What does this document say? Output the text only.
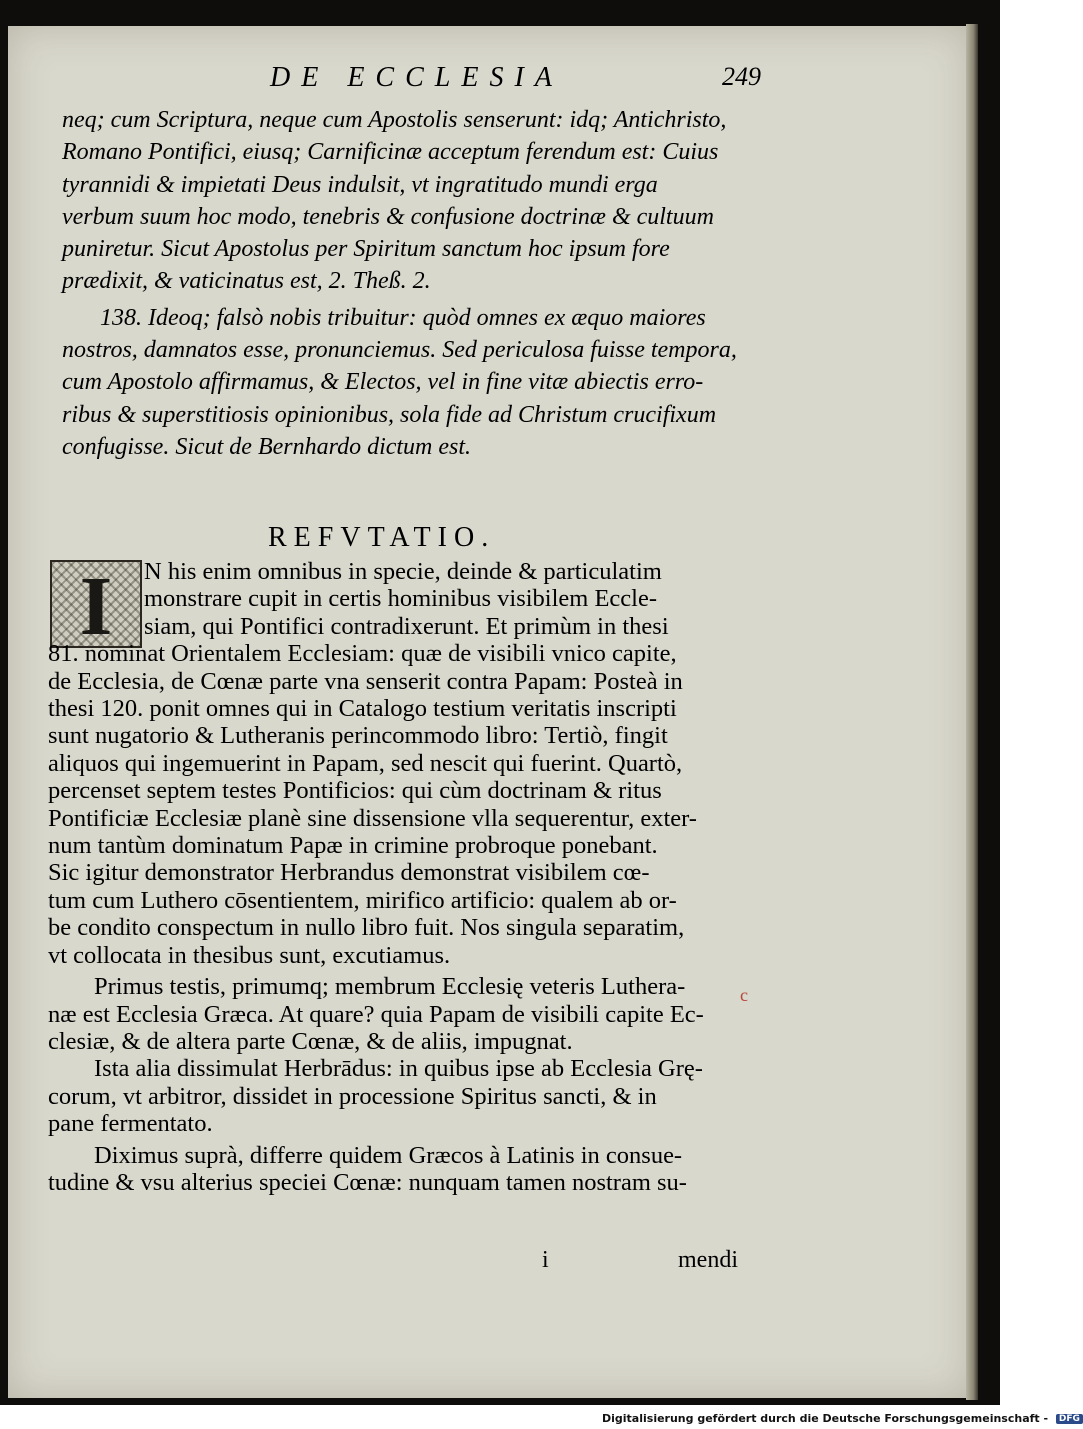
DE ECCLESIA	249

neq; cum Scriptura, neque cum Apostolis senserunt: idq; Antichristo,
Romano Pontifici, eiusq; Carnificinæ acceptum ferendum est: Cuius
tyrannidi & impietati Deus indulsit, vt ingratitudo mundi erga
verbum suum hoc modo, tenebris & confusione doctrinæ & cultuum
puniretur. Sicut Apostolus per Spiritum sanctum hoc ipsum fore
prædixit, & vaticinatus est, 2. Theß. 2.

138. Ideoq; falsò nobis tribuitur: quòd omnes ex æquo maiores
nostros, damnatos esse, pronunciemus. Sed periculosa fuisse tempora,
cum Apostolo affirmamus, & Electos, vel in fine vitæ abiectis erro-
ribus & superstitiosis opinionibus, sola fide ad Christum crucifixum
confugisse. Sicut de Bernhardo dictum est.

REFVTATIO.
I	N his enim omnibus in specie, deinde & particulatim
monstrare cupit in certis hominibus visibilem Eccle-
siam, qui Pontifici contradixerunt. Et primùm in thesi
81. nominat Orientalem Ecclesiam: quæ de visibili vnico capite,
de Ecclesia, de Cœnæ parte vna senserit contra Papam: Posteà in
thesi 120. ponit omnes qui in Catalogo testium veritatis inscripti
sunt nugatorio & Lutheranis perincommodo libro: Tertiò, fingit
aliquos qui ingemuerint in Papam, sed nescit qui fuerint. Quartò,
percenset septem testes Pontificios: qui cùm doctrinam & ritus
Pontificiæ Ecclesiæ planè sine dissensione vlla sequerentur, exter-
num tantùm dominatum Papæ in crimine probroque ponebant.
Sic igitur demonstrator Herbrandus demonstrat visibilem cœ-
tum cum Luthero cōsentientem, mirifico artificio: qualem ab or-
be condito conspectum in nullo libro fuit. Nos singula separatim,
vt collocata in thesibus sunt, excutiamus.
Primus testis, primumq; membrum Ecclesię veteris Luthera-
næ est Ecclesia Græca. At quare? quia Papam de visibili capite Ec-
clesiæ, & de altera parte Cœnæ, & de aliis, impugnat.
Ista alia dissimulat Herbrādus: in quibus ipse ab Ecclesia Grę-
corum, vt arbitror, dissidet in processione Spiritus sancti, & in
pane fermentato.
Diximus suprà, differre quidem Græcos à Latinis in consue-
tudine & vsu alterius speciei Cœnæ: nunquam tamen nostram su-
c
i	mendi
Digitalisierung gefördert durch die Deutsche Forschungsgemeinschaft - DFG
